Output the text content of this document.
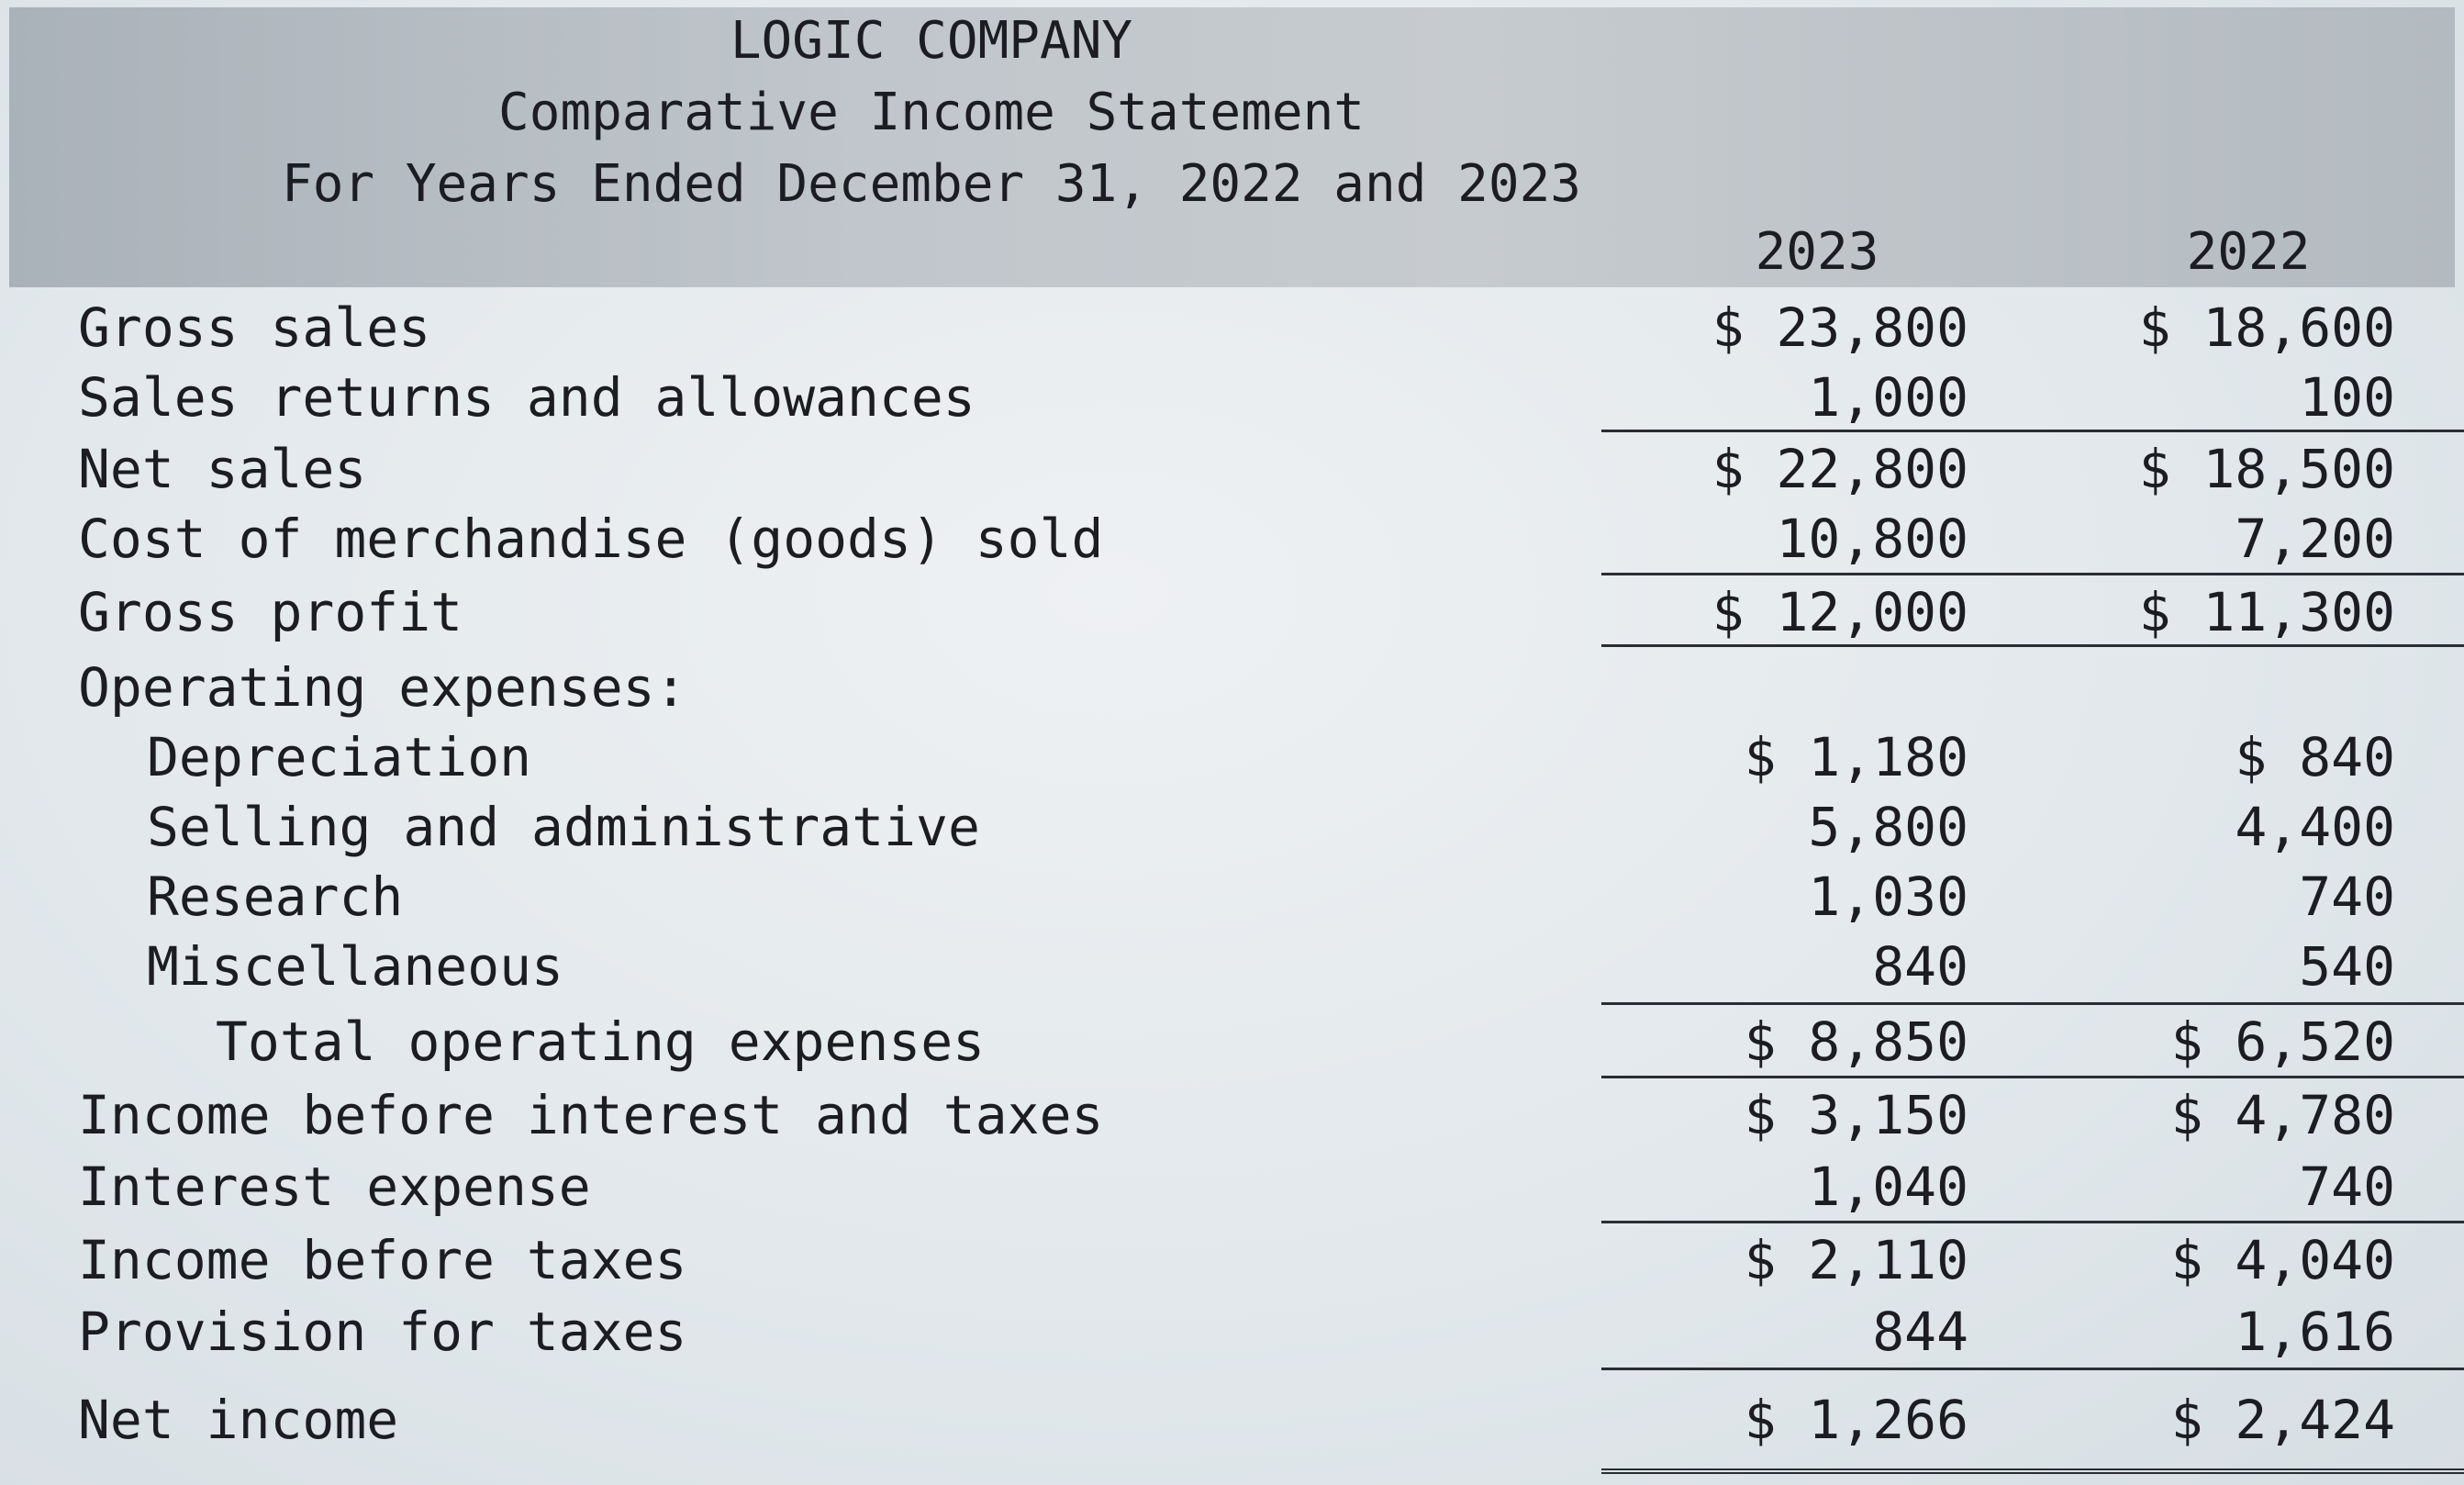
LOGIC COMPANY
Comparative Income Statement
For Years Ended December 31, 2022 and 2023
2023	2022
Gross sales	$ 23,800	$ 18,600
Sales returns and allowances	1,000	100
Net sales	$ 22,800	$ 18,500
Cost of merchandise (goods) sold	10,800	7,200
Gross profit	$ 12,000	$ 11,300
Operating expenses:
Depreciation	$ 1,180	$ 840
Selling and administrative	5,800	4,400
Research	1,030	740
Miscellaneous	840	540
Total operating expenses	$ 8,850	$ 6,520
Income before interest and taxes	$ 3,150	$ 4,780
Interest expense	1,040	740
Income before taxes	$ 2,110	$ 4,040
Provision for taxes	844	1,616
Net income	$ 1,266	$ 2,424
